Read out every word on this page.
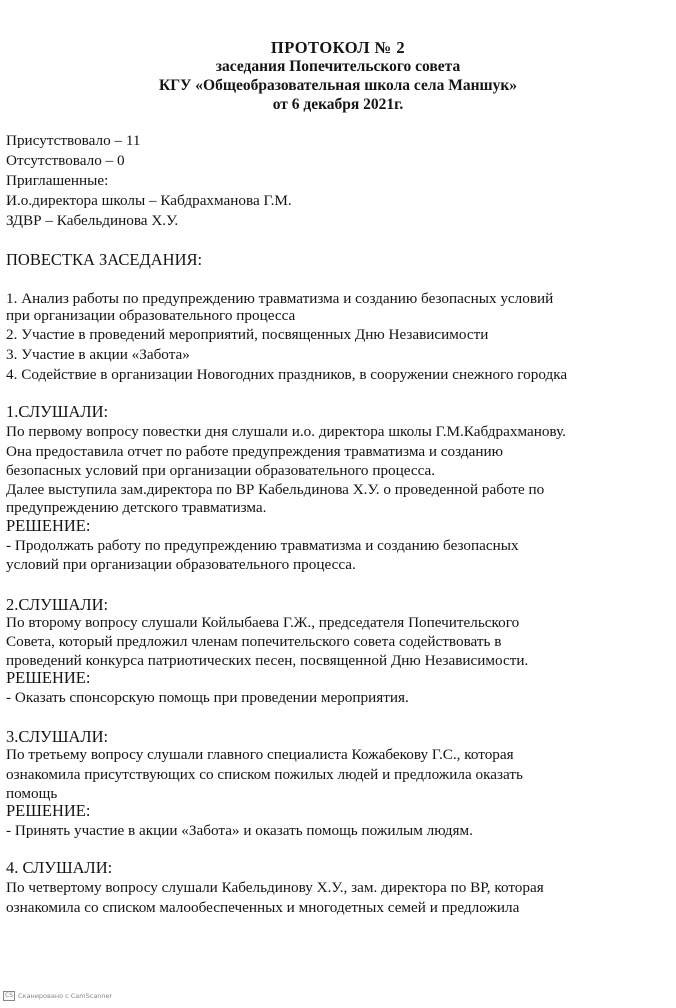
ПРОТОКОЛ № 2
заседания Попечительского совета
КГУ «Общеобразовательная школа села Маншук»
от 6 декабря 2021г.
Присутствовало – 11
Отсутствовало – 0
Приглашенные:
И.о.директора школы – Кабдрахманова Г.М.
ЗДВР – Кабельдинова Х.У.
ПОВЕСТКА ЗАСЕДАНИЯ:
1. Анализ работы по предупреждению травматизма и созданию безопасных условий
при организации образовательного процесса
2. Участие в проведений мероприятий, посвященных Дню Независимости
3. Участие в акции «Забота»
4. Содействие в организации Новогодних праздников, в сооружении снежного городка
1.СЛУШАЛИ:
По первому вопросу повестки дня слушали и.о. директора школы Г.М.Кабдрахманову.
Она предоставила отчет по работе предупреждения травматизма и созданию
безопасных условий при организации образовательного процесса.
Далее выступила зам.директора по ВР Кабельдинова Х.У. о проведенной работе по
предупреждению детского травматизма.
РЕШЕНИЕ:
- Продолжать работу по предупреждению травматизма и созданию безопасных
условий при организации образовательного процесса.
2.СЛУШАЛИ:
По второму вопросу слушали Койлыбаева Г.Ж., председателя Попечительского
Совета, который предложил членам попечительского совета содействовать в
проведений конкурса патриотических песен, посвященной Дню Независимости.
РЕШЕНИЕ:
- Оказать спонсорскую помощь при проведении мероприятия.
3.СЛУШАЛИ:
По третьему вопросу слушали главного специалиста Кожабекову Г.С., которая
ознакомила присутствующих со списком пожилых людей и предложила оказать
помощь
РЕШЕНИЕ:
- Принять участие в акции «Забота» и оказать помощь пожилым людям.
4. СЛУШАЛИ:
По четвертому вопросу слушали Кабельдинову Х.У., зам. директора по ВР, которая
ознакомила со списком малообеспеченных и многодетных семей и предложила
CS Сканировано с CamScanner
